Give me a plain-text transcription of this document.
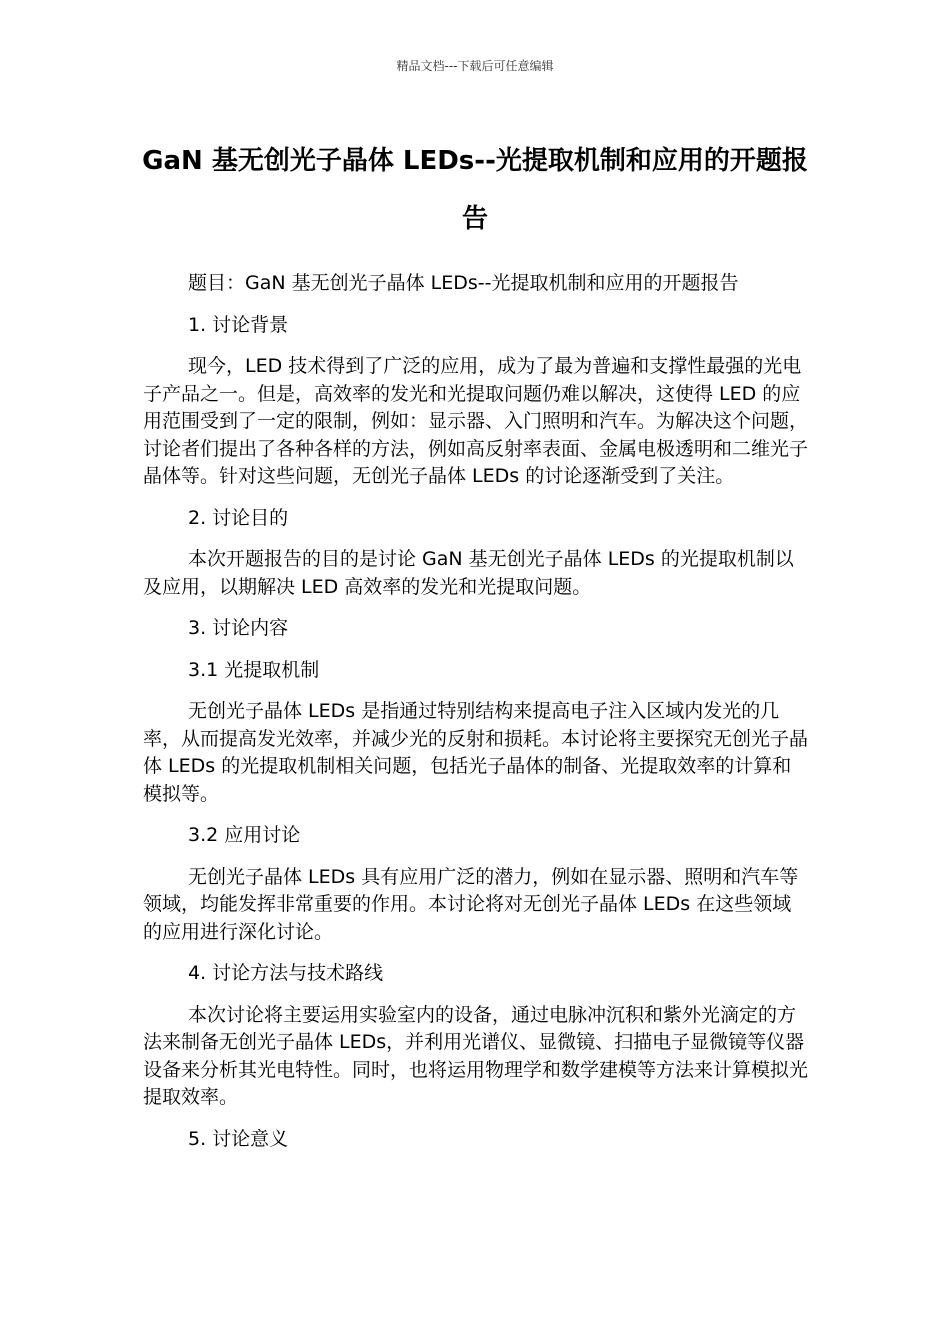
精品文档---下载后可任意编辑
GaN 基无创光子晶体 LEDs--光提取机制和应用的开题报告

题目：GaN 基无创光子晶体 LEDs--光提取机制和应用的开题报告

1. 讨论背景

现今，LED 技术得到了广泛的应用，成为了最为普遍和支撑性最强的光电子产品之一。但是，高效率的发光和光提取问题仍难以解决，这使得 LED 的应用范围受到了一定的限制，例如：显示器、入门照明和汽车。为解决这个问题，讨论者们提出了各种各样的方法，例如高反射率表面、金属电极透明和二维光子晶体等。针对这些问题，无创光子晶体 LEDs 的讨论逐渐受到了关注。

2. 讨论目的

本次开题报告的目的是讨论 GaN 基无创光子晶体 LEDs 的光提取机制以及应用，以期解决 LED 高效率的发光和光提取问题。

3. 讨论内容

3.1 光提取机制

无创光子晶体 LEDs 是指通过特别结构来提高电子注入区域内发光的几率，从而提高发光效率，并减少光的反射和损耗。本讨论将主要探究无创光子晶体 LEDs 的光提取机制相关问题，包括光子晶体的制备、光提取效率的计算和模拟等。

3.2 应用讨论

无创光子晶体 LEDs 具有应用广泛的潜力，例如在显示器、照明和汽车等领域，均能发挥非常重要的作用。本讨论将对无创光子晶体 LEDs 在这些领域的应用进行深化讨论。

4. 讨论方法与技术路线

本次讨论将主要运用实验室内的设备，通过电脉冲沉积和紫外光滴定的方法来制备无创光子晶体 LEDs，并利用光谱仪、显微镜、扫描电子显微镜等仪器设备来分析其光电特性。同时，也将运用物理学和数学建模等方法来计算模拟光提取效率。

5. 讨论意义
